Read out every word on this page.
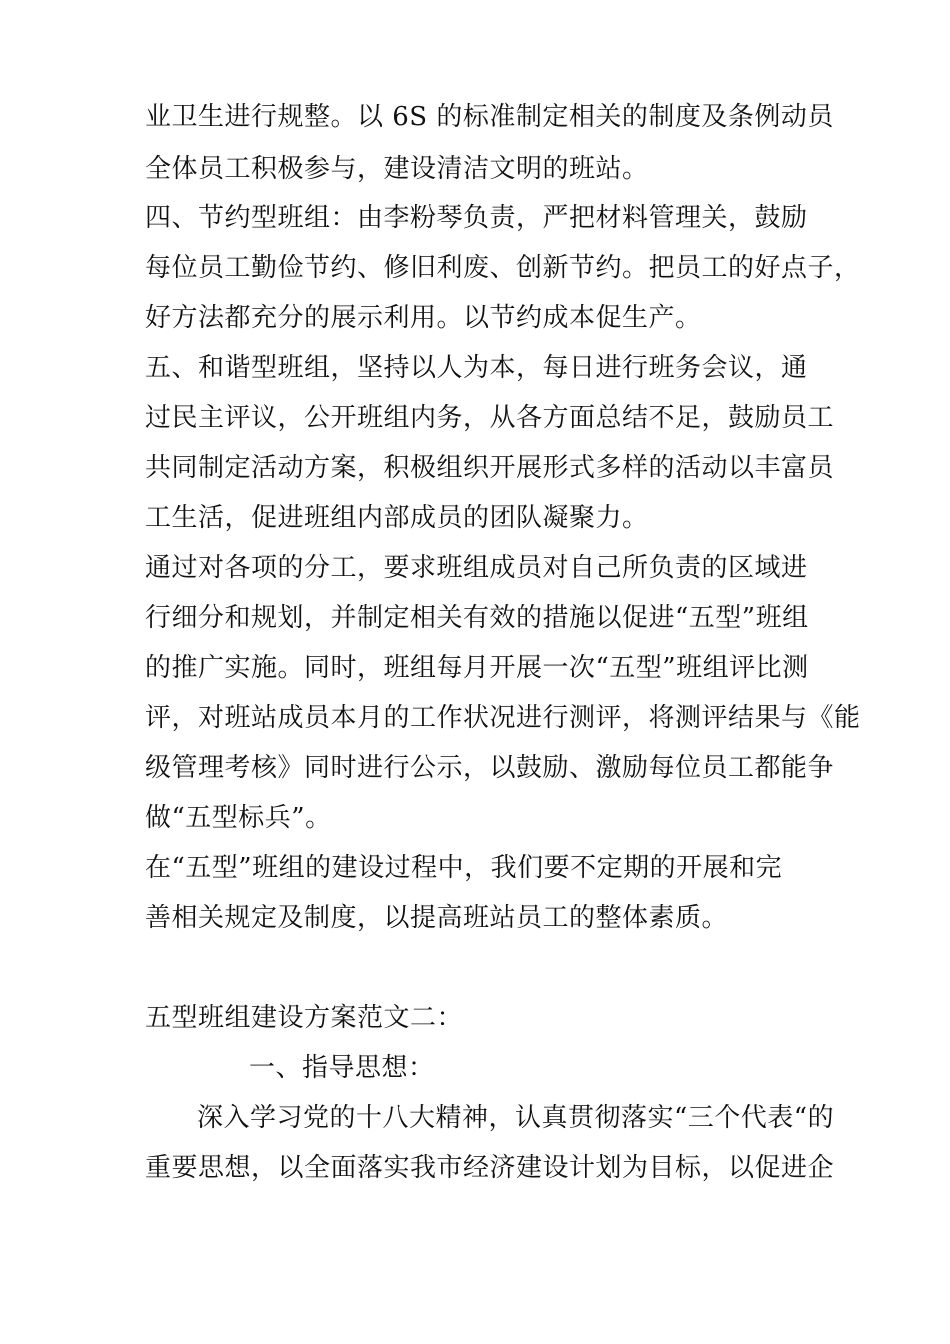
业卫生进行规整。以 6S 的标准制定相关的制度及条例动员
全体员工积极参与，建设清洁文明的班站。
四、节约型班组：由李粉琴负责，严把材料管理关，鼓励
每位员工勤俭节约、修旧利废、创新节约。把员工的好点子，
好方法都充分的展示利用。以节约成本促生产。
五、和谐型班组，坚持以人为本，每日进行班务会议，通
过民主评议，公开班组内务，从各方面总结不足，鼓励员工
共同制定活动方案，积极组织开展形式多样的活动以丰富员
工生活，促进班组内部成员的团队凝聚力。
通过对各项的分工，要求班组成员对自己所负责的区域进
行细分和规划，并制定相关有效的措施以促进“五型”班组
的推广实施。同时，班组每月开展一次“五型”班组评比测
评，对班站成员本月的工作状况进行测评，将测评结果与《能
级管理考核》同时进行公示，以鼓励、激励每位员工都能争
做“五型标兵”。
在“五型”班组的建设过程中，我们要不定期的开展和完
善相关规定及制度，以提高班站员工的整体素质。
五型班组建设方案范文二：
一、指导思想：
深入学习党的十八大精神，认真贯彻落实“三个代表“的
重要思想，以全面落实我市经济建设计划为目标，以促进企
